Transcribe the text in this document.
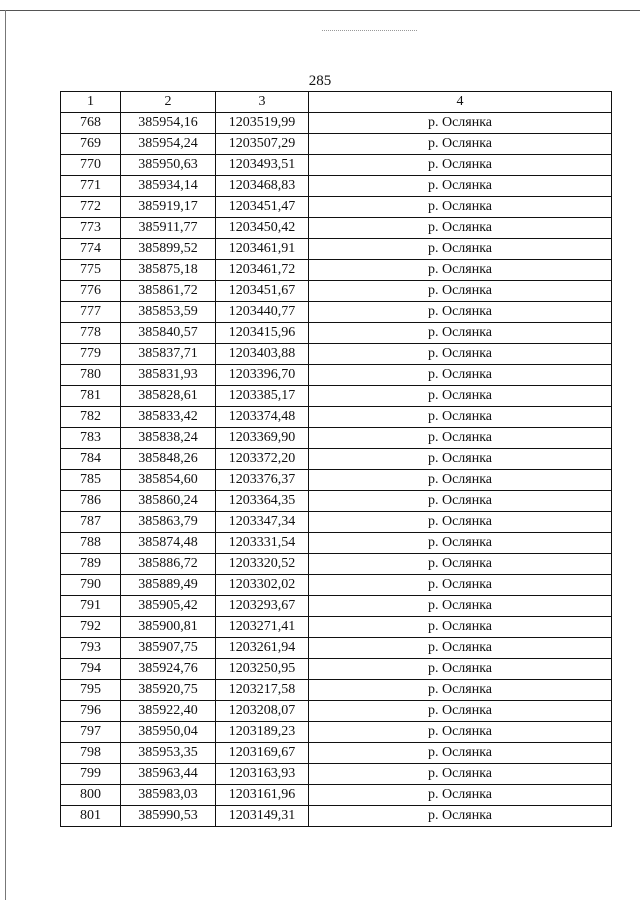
285
1	2	3	4
768	385954,16	1203519,99	р. Ослянка
769	385954,24	1203507,29	р. Ослянка
770	385950,63	1203493,51	р. Ослянка
771	385934,14	1203468,83	р. Ослянка
772	385919,17	1203451,47	р. Ослянка
773	385911,77	1203450,42	р. Ослянка
774	385899,52	1203461,91	р. Ослянка
775	385875,18	1203461,72	р. Ослянка
776	385861,72	1203451,67	р. Ослянка
777	385853,59	1203440,77	р. Ослянка
778	385840,57	1203415,96	р. Ослянка
779	385837,71	1203403,88	р. Ослянка
780	385831,93	1203396,70	р. Ослянка
781	385828,61	1203385,17	р. Ослянка
782	385833,42	1203374,48	р. Ослянка
783	385838,24	1203369,90	р. Ослянка
784	385848,26	1203372,20	р. Ослянка
785	385854,60	1203376,37	р. Ослянка
786	385860,24	1203364,35	р. Ослянка
787	385863,79	1203347,34	р. Ослянка
788	385874,48	1203331,54	р. Ослянка
789	385886,72	1203320,52	р. Ослянка
790	385889,49	1203302,02	р. Ослянка
791	385905,42	1203293,67	р. Ослянка
792	385900,81	1203271,41	р. Ослянка
793	385907,75	1203261,94	р. Ослянка
794	385924,76	1203250,95	р. Ослянка
795	385920,75	1203217,58	р. Ослянка
796	385922,40	1203208,07	р. Ослянка
797	385950,04	1203189,23	р. Ослянка
798	385953,35	1203169,67	р. Ослянка
799	385963,44	1203163,93	р. Ослянка
800	385983,03	1203161,96	р. Ослянка
801	385990,53	1203149,31	р. Ослянка
